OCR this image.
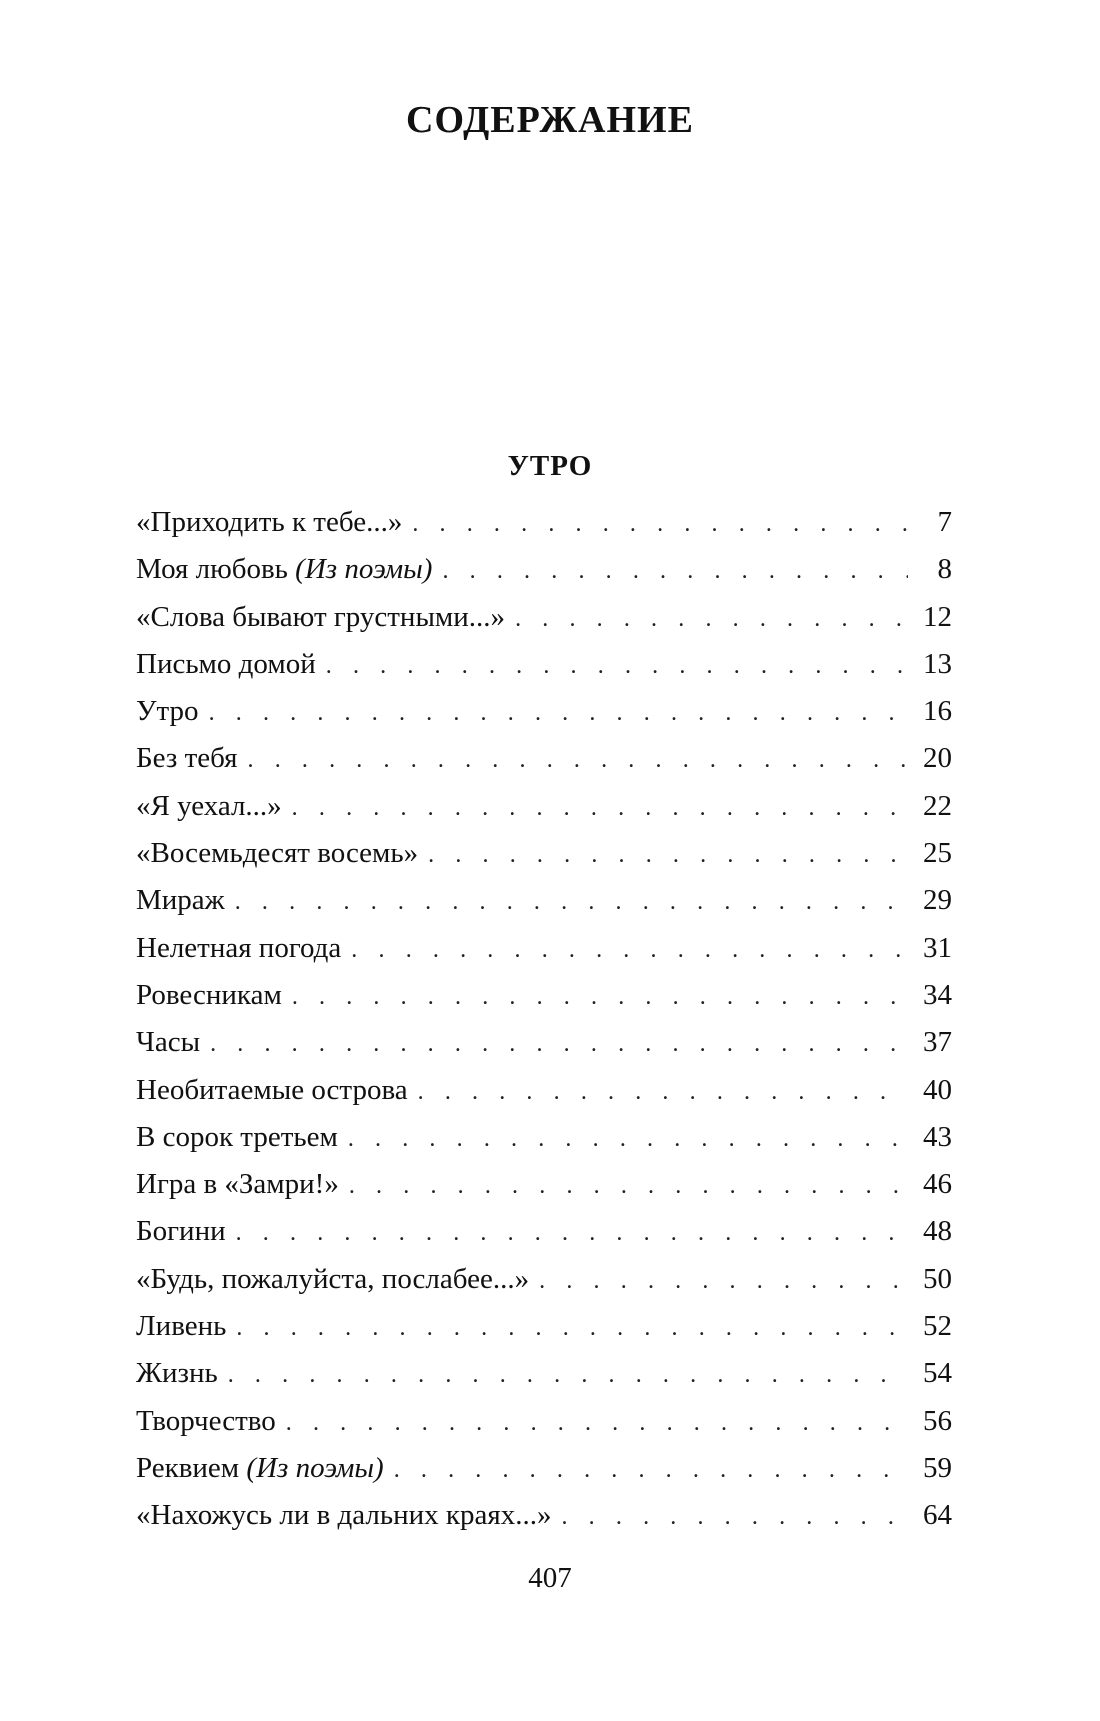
СОДЕРЖАНИЕ
УТРО
«Приходить к тебе...» . . .	7
Моя любовь (Из поэмы) . . .	8
«Слова бывают грустными...» . . .	12
Письмо домой . . .	13
Утро . . .	16
Без тебя . . .	20
«Я уехал...» . . .	22
«Восемьдесят восемь» . . .	25
Мираж . . .	29
Нелетная погода . . .	31
Ровесникам . . .	34
Часы . . .	37
Необитаемые острова . . .	40
В сорок третьем . . .	43
Игра в «Замри!» . . .	46
Богини . . .	48
«Будь, пожалуйста, послабее...» . . .	50
Ливень . . .	52
Жизнь . . .	54
Творчество . . .	56
Реквием (Из поэмы) . . .	59
«Нахожусь ли в дальних краях...» . . .	64

407
